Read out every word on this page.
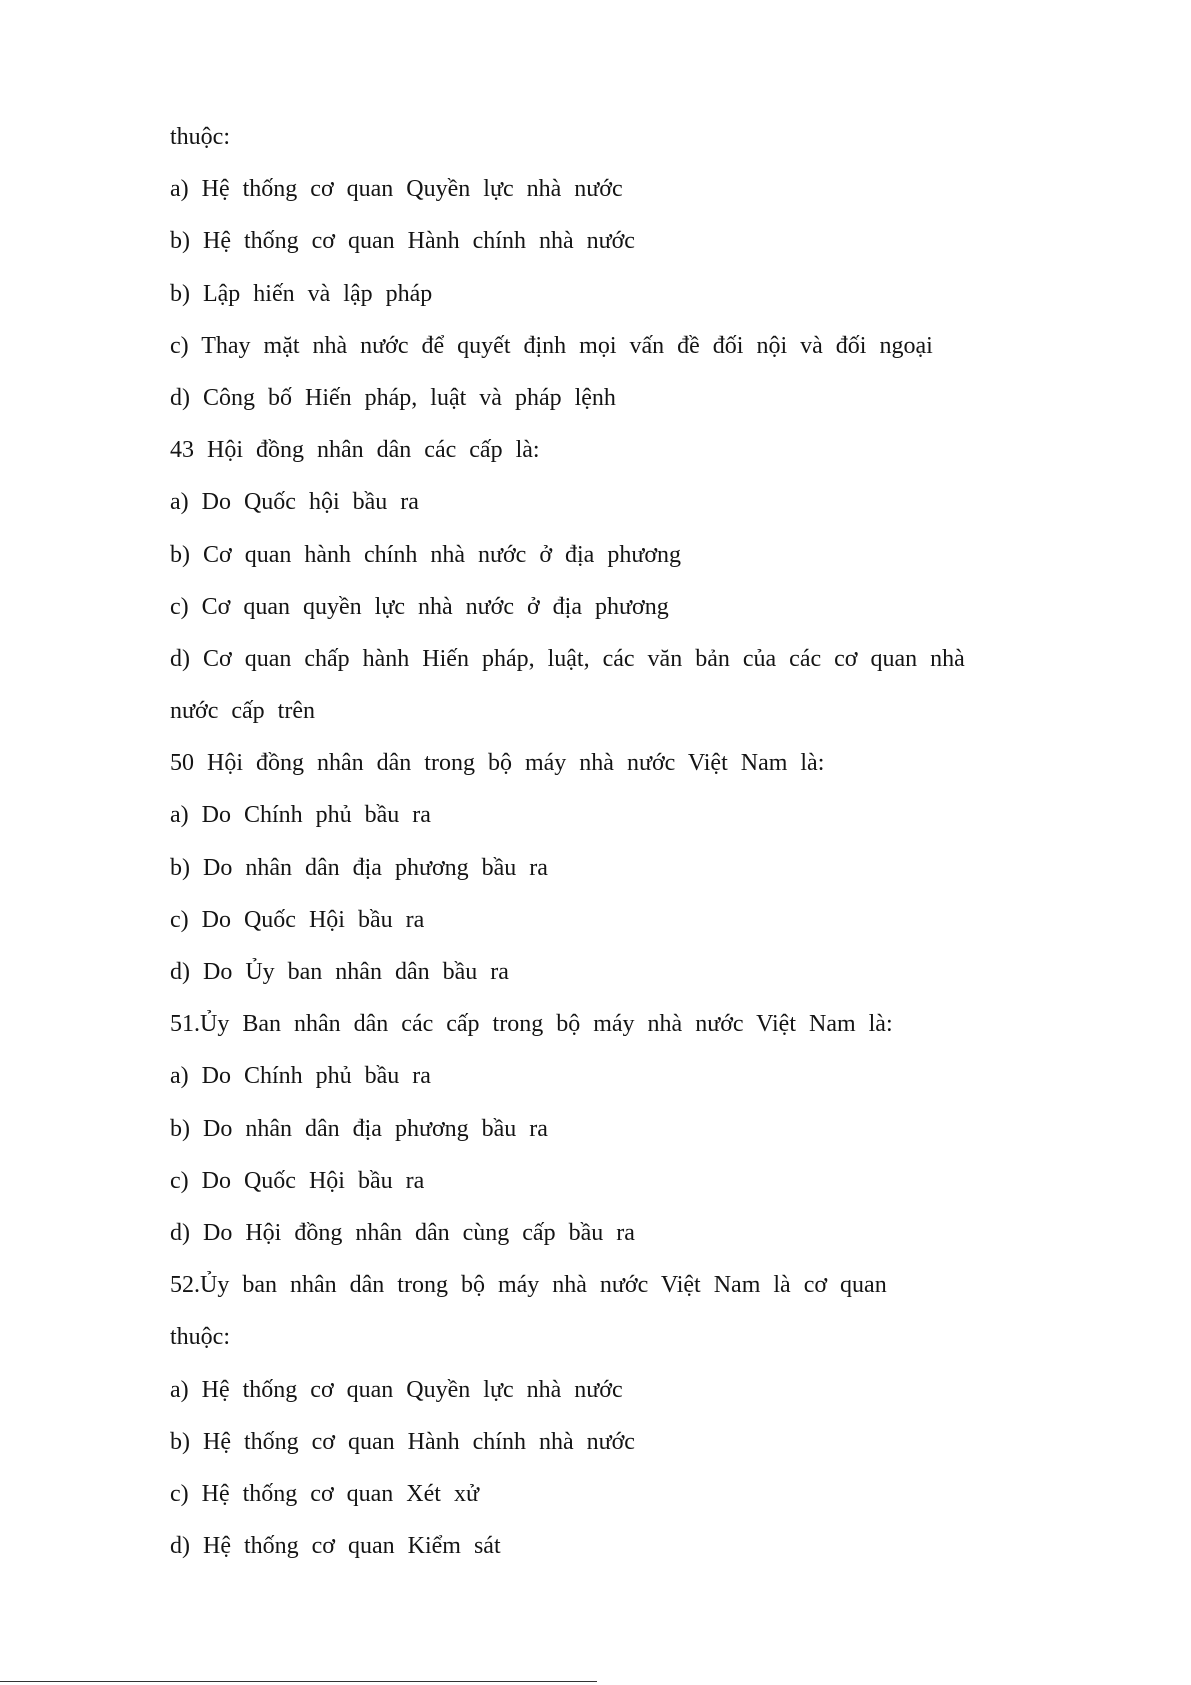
thuộc:
a) Hệ thống cơ quan Quyền lực nhà nước
b) Hệ thống cơ quan Hành chính nhà nước
b) Lập hiến và lập pháp
c) Thay mặt nhà nước để quyết định mọi vấn đề đối nội và đối ngoại
d) Công bố Hiến pháp, luật và pháp lệnh
43 Hội đồng nhân dân các cấp là:
a) Do Quốc hội bầu ra
b) Cơ quan hành chính nhà nước ở địa phương
c) Cơ quan quyền lực nhà nước ở địa phương
d) Cơ quan chấp hành Hiến pháp, luật, các văn bản của các cơ quan nhà
nước cấp trên
50 Hội đồng nhân dân trong bộ máy nhà nước Việt Nam là:
a) Do Chính phủ bầu ra
b) Do nhân dân địa phương bầu ra
c) Do Quốc Hội bầu ra
d) Do Ủy ban nhân dân bầu ra
51.Ủy Ban nhân dân các cấp trong bộ máy nhà nước Việt Nam là:
a) Do Chính phủ bầu ra
b) Do nhân dân địa phương bầu ra
c) Do Quốc Hội bầu ra
d) Do Hội đồng nhân dân cùng cấp bầu ra
52.Ủy ban nhân dân trong bộ máy nhà nước Việt Nam là cơ quan
thuộc:
a) Hệ thống cơ quan Quyền lực nhà nước
b) Hệ thống cơ quan Hành chính nhà nước
c) Hệ thống cơ quan Xét xử
d) Hệ thống cơ quan Kiểm sát
